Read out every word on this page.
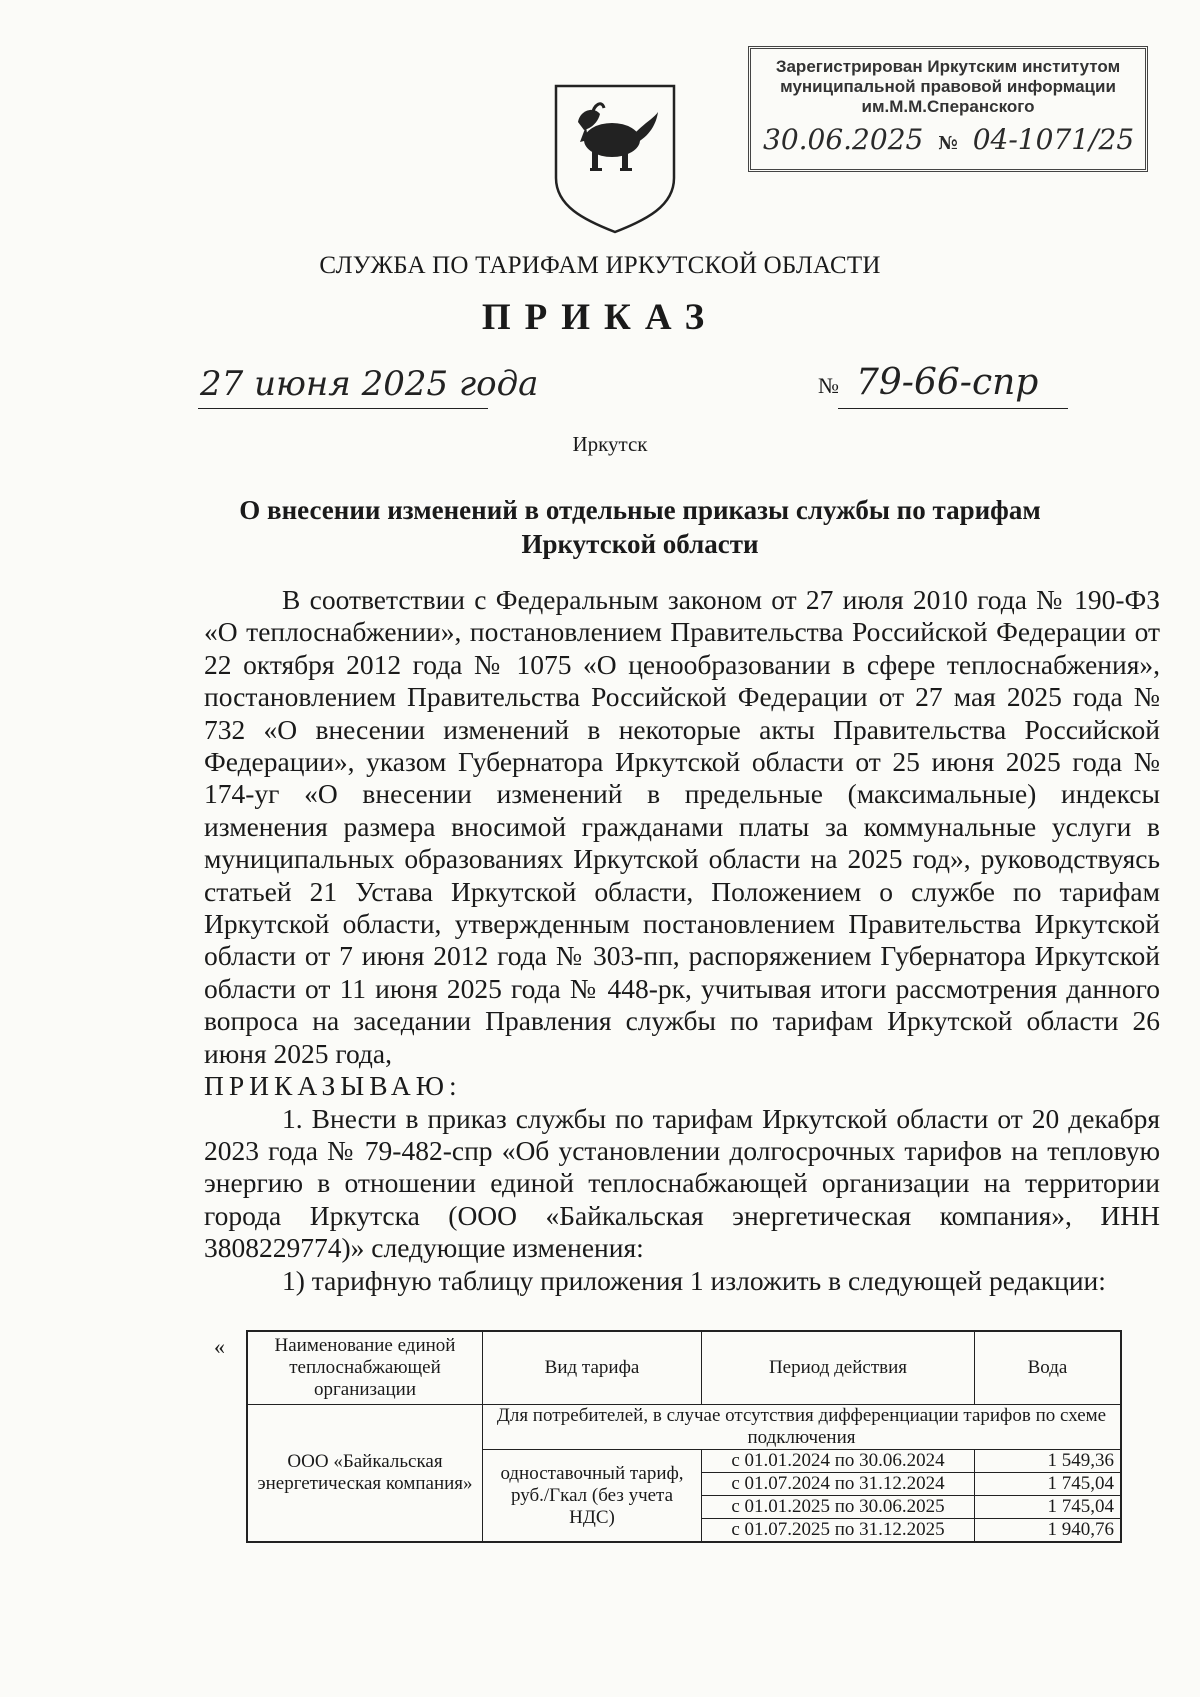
Зарегистрирован Иркутским институтом
муниципальной правовой информации
им.М.М.Сперанского
30.06.2025 № 04-1071/25
СЛУЖБА ПО ТАРИФАМ ИРКУТСКОЙ ОБЛАСТИ
ПРИКАЗ
27 июня 2025 года	№ 79-66-спр
Иркутск
О внесении изменений в отдельные приказы службы по тарифам
Иркутской области

В соответствии с Федеральным законом от 27 июля 2010 года № 190-ФЗ «О теплоснабжении», постановлением Правительства Российской Федерации от 22 октября 2012 года № 1075 «О ценообразовании в сфере теплоснабжения», постановлением Правительства Российской Федерации от 27 мая 2025 года № 732 «О внесении изменений в некоторые акты Правительства Российской Федерации», указом Губернатора Иркутской области от 25 июня 2025 года № 174-уг «О внесении изменений в предельные (максимальные) индексы изменения размера вносимой гражданами платы за коммунальные услуги в муниципальных образованиях Иркутской области на 2025 год», руководствуясь статьей 21 Устава Иркутской области, Положением о службе по тарифам Иркутской области, утвержденным постановлением Правительства Иркутской области от 7 июня 2012 года № 303-пп, распоряжением Губернатора Иркутской области от 11 июня 2025 года № 448-рк, учитывая итоги рассмотрения данного вопроса на заседании Правления службы по тарифам Иркутской области 26 июня 2025 года,

ПРИКАЗЫВАЮ:

1. Внести в приказ службы по тарифам Иркутской области от 20 декабря 2023 года № 79-482-спр «Об установлении долгосрочных тарифов на тепловую энергию в отношении единой теплоснабжающей организации на территории города Иркутска (ООО «Байкальская энергетическая компания», ИНН 3808229774)» следующие изменения:

1) тарифную таблицу приложения 1 изложить в следующей редакции:

«	Наименование единой теплоснабжающей организации	Вид тарифа	Период действия	Вода
ООО «Байкальская энергетическая компания»	Для потребителей, в случае отсутствия дифференциации тарифов по схеме подключения		
	одноставочный тариф, руб./Гкал (без учета НДС)	с 01.01.2024 по 30.06.2024	1 549,36
		с 01.07.2024 по 31.12.2024	1 745,04
		с 01.01.2025 по 30.06.2025	1 745,04
		с 01.07.2025 по 31.12.2025	1 940,76
